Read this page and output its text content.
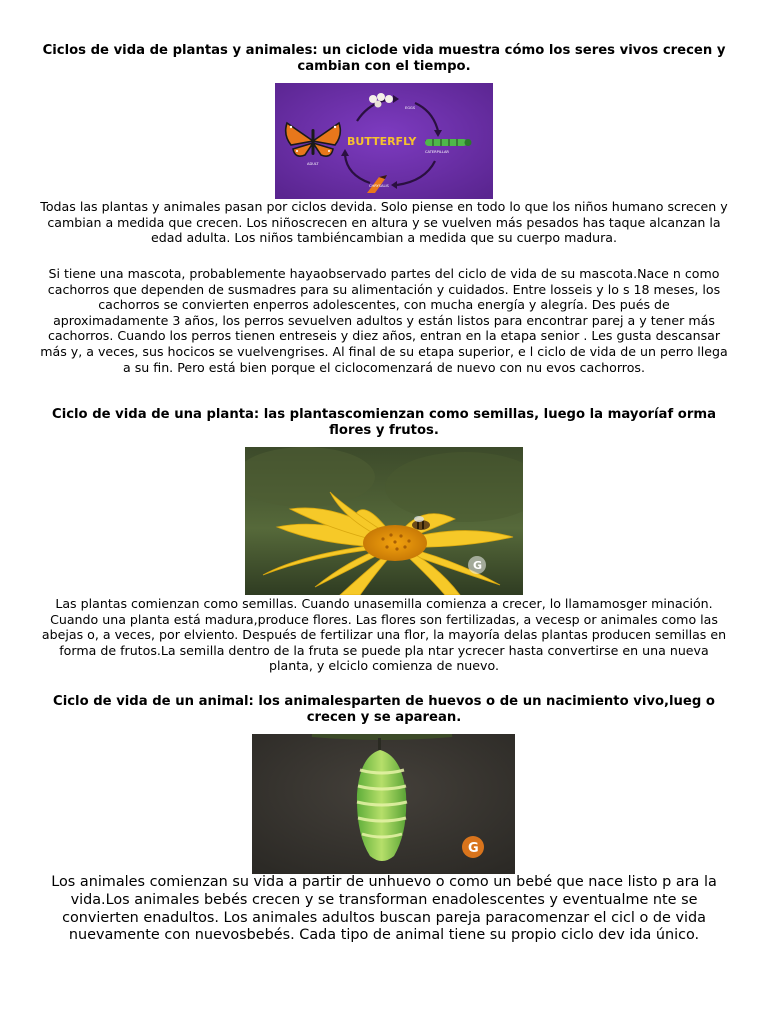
Ciclos de vida de plantas y animales: un ciclode vida muestra cómo los seres vivos crecen y cambian con el tiempo.

EGGS
BUTTERFLY
ADULT
CATERPILLAR
CHRYSALIS

Todas las plantas y animales pasan por ciclos devida. Solo piense en todo lo que los niños humano screcen y cambian a medida que crecen. Los niñoscrecen en altura y se vuelven más pesados has taque alcanzan la edad adulta. Los niños tambiéncambian a medida que su cuerpo madura.

Si tiene una mascota, probablemente hayaobservado partes del ciclo de vida de su mascota.Nace n como cachorros que dependen de susmadres para su alimentación y cuidados. Entre losseis y lo s 18 meses, los cachorros se convierten enperros adolescentes, con mucha energía y alegría. Des pués de aproximadamente 3 años, los perros sevuelven adultos y están listos para encontrar parej a y tener más cachorros. Cuando los perros tienen entreseis y diez años, entran en la etapa senior . Les gusta descansar más y, a veces, sus hocicos se vuelvengrises. Al final de su etapa superior, e l ciclo de vida de un perro llega a su fin. Pero está bien porque el ciclocomenzará de nuevo con nu evos cachorros.

Ciclo de vida de una planta: las plantascomienzan como semillas, luego la mayoríaf orma flores y frutos.

G

Las plantas comienzan como semillas. Cuando unasemilla comienza a crecer, lo llamamosger minación. Cuando una planta está madura,produce flores. Las flores son fertilizadas, a vecesp or animales como las abejas o, a veces, por elviento. Después de fertilizar una flor, la mayoría delas plantas producen semillas en forma de frutos.La semilla dentro de la fruta se puede pla ntar ycrecer hasta convertirse en una nueva planta, y elciclo comienza de nuevo.

Ciclo de vida de un animal: los animalesparten de huevos o de un nacimiento vivo,lueg o crecen y se aparean.

G

Los animales comienzan su vida a partir de unhuevo o como un bebé que nace listo p ara la vida.Los animales bebés crecen y se transforman enadolescentes y eventualme nte se convierten enadultos. Los animales adultos buscan pareja paracomenzar el cicl o de vida nuevamente con nuevosbebés. Cada tipo de animal tiene su propio ciclo dev ida único.
